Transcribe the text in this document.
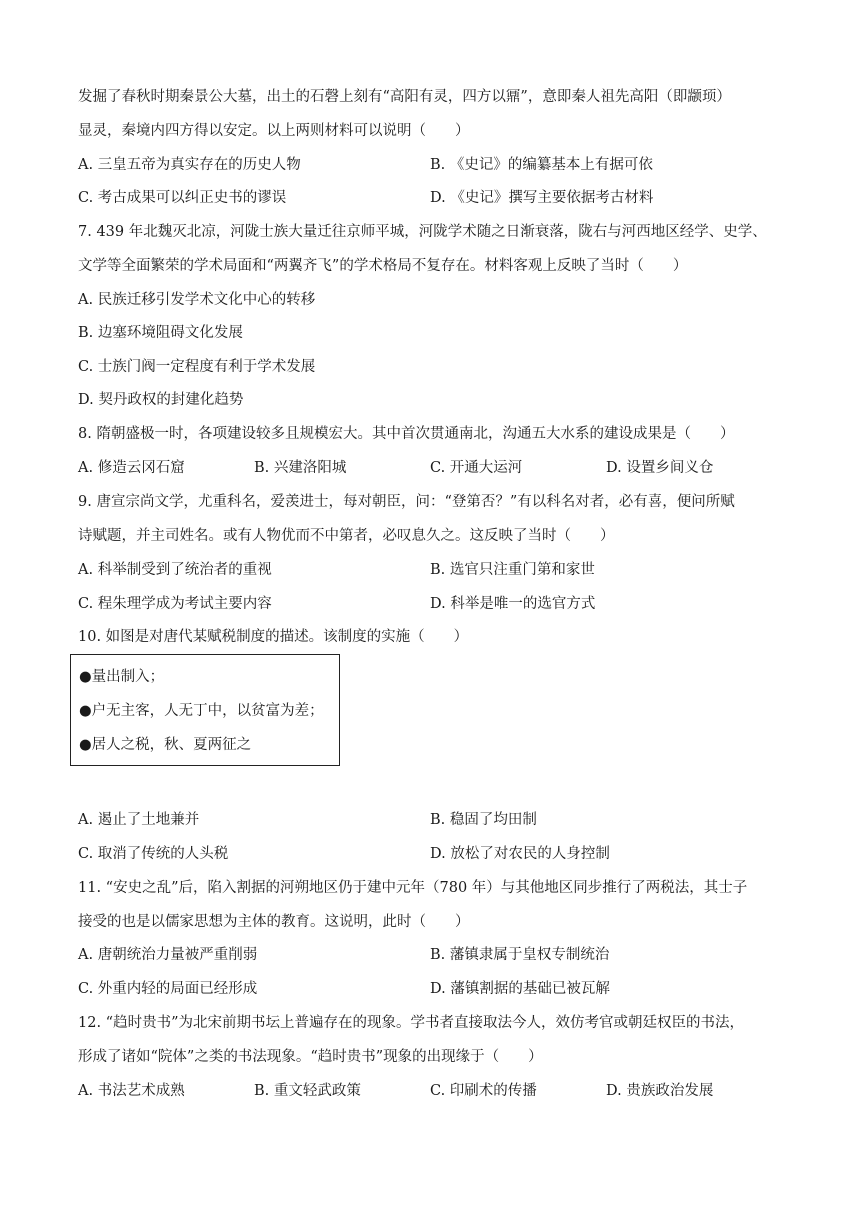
发掘了春秋时期秦景公大墓，出土的石磬上刻有“高阳有灵，四方以鼏”，意即秦人祖先高阳（即颛顼）
显灵，秦境内四方得以安定。以上两则材料可以说明（　　）
A. 三皇五帝为真实存在的历史人物	B. 《史记》的编纂基本上有据可依
C. 考古成果可以纠正史书的谬误	D. 《史记》撰写主要依据考古材料
7. 439 年北魏灭北凉，河陇士族大量迁往京师平城，河陇学术随之日渐衰落，陇右与河西地区经学、史学、
文学等全面繁荣的学术局面和“两翼齐飞”的学术格局不复存在。材料客观上反映了当时（　　）
A. 民族迁移引发学术文化中心的转移
B. 边塞环境阻碍文化发展
C. 士族门阀一定程度有利于学术发展
D. 契丹政权的封建化趋势
8. 隋朝盛极一时，各项建设较多且规模宏大。其中首次贯通南北，沟通五大水系的建设成果是（　　）
A. 修造云冈石窟	B. 兴建洛阳城	C. 开通大运河	D. 设置乡间义仓
9. 唐宣宗尚文学，尤重科名，爱羡进士，每对朝臣，问：“登第否？”有以科名对者，必有喜，便问所赋
诗赋题，并主司姓名。或有人物优而不中第者，必叹息久之。这反映了当时（　　）
A. 科举制受到了统治者的重视	B. 选官只注重门第和家世
C. 程朱理学成为考试主要内容	D. 科举是唯一的选官方式
10. 如图是对唐代某赋税制度的描述。该制度的实施（　　）
●量出制入；
●户无主客，人无丁中，以贫富为差；
●居人之税，秋、夏两征之
A. 遏止了土地兼并	B. 稳固了均田制
C. 取消了传统的人头税	D. 放松了对农民的人身控制
11. “安史之乱”后，陷入割据的河朔地区仍于建中元年（780 年）与其他地区同步推行了两税法，其士子
接受的也是以儒家思想为主体的教育。这说明，此时（　　）
A. 唐朝统治力量被严重削弱	B. 藩镇隶属于皇权专制统治
C. 外重内轻的局面已经形成	D. 藩镇割据的基础已被瓦解
12. “趋时贵书”为北宋前期书坛上普遍存在的现象。学书者直接取法今人，效仿考官或朝廷权臣的书法，
形成了诸如“院体”之类的书法现象。“趋时贵书”现象的出现缘于（　　）
A. 书法艺术成熟	B. 重文轻武政策	C. 印刷术的传播	D. 贵族政治发展
